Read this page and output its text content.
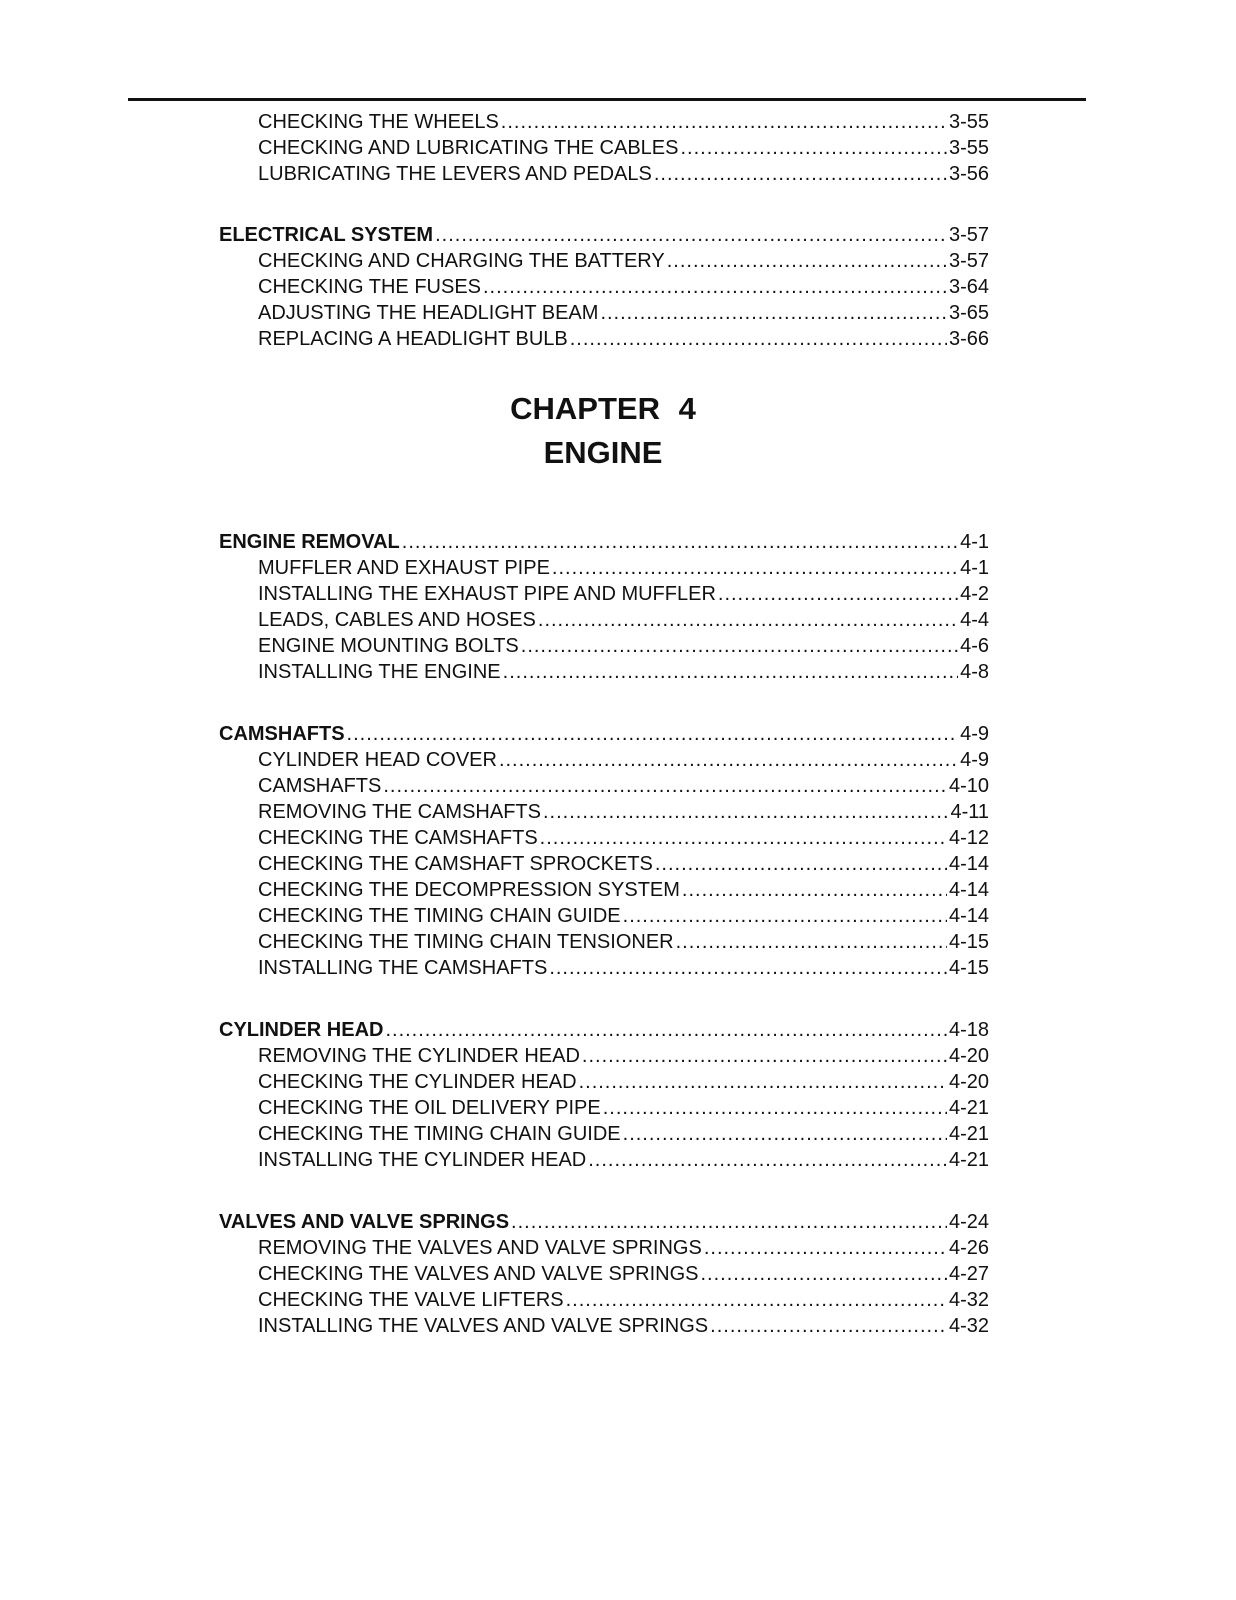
CHECKING THE WHEELS .....	3-55
CHECKING AND LUBRICATING THE CABLES .....	3-55
LUBRICATING THE LEVERS AND PEDALS .....	3-56
ELECTRICAL SYSTEM .....	3-57
CHECKING AND CHARGING THE BATTERY .....	3-57
CHECKING THE FUSES .....	3-64
ADJUSTING THE HEADLIGHT BEAM .....	3-65
REPLACING A HEADLIGHT BULB .....	3-66
CHAPTER 4
ENGINE
ENGINE REMOVAL .....	4-1
MUFFLER AND EXHAUST PIPE .....	4-1
INSTALLING THE EXHAUST PIPE AND MUFFLER .....	4-2
LEADS, CABLES AND HOSES .....	4-4
ENGINE MOUNTING BOLTS .....	4-6
INSTALLING THE ENGINE .....	4-8
CAMSHAFTS .....	4-9
CYLINDER HEAD COVER .....	4-9
CAMSHAFTS .....	4-10
REMOVING THE CAMSHAFTS .....	4-11
CHECKING THE CAMSHAFTS .....	4-12
CHECKING THE CAMSHAFT SPROCKETS .....	4-14
CHECKING THE DECOMPRESSION SYSTEM .....	4-14
CHECKING THE TIMING CHAIN GUIDE .....	4-14
CHECKING THE TIMING CHAIN TENSIONER .....	4-15
INSTALLING THE CAMSHAFTS .....	4-15
CYLINDER HEAD .....	4-18
REMOVING THE CYLINDER HEAD .....	4-20
CHECKING THE CYLINDER HEAD .....	4-20
CHECKING THE OIL DELIVERY PIPE .....	4-21
CHECKING THE TIMING CHAIN GUIDE .....	4-21
INSTALLING THE CYLINDER HEAD .....	4-21
VALVES AND VALVE SPRINGS .....	4-24
REMOVING THE VALVES AND VALVE SPRINGS .....	4-26
CHECKING THE VALVES AND VALVE SPRINGS .....	4-27
CHECKING THE VALVE LIFTERS .....	4-32
INSTALLING THE VALVES AND VALVE SPRINGS .....	4-32
